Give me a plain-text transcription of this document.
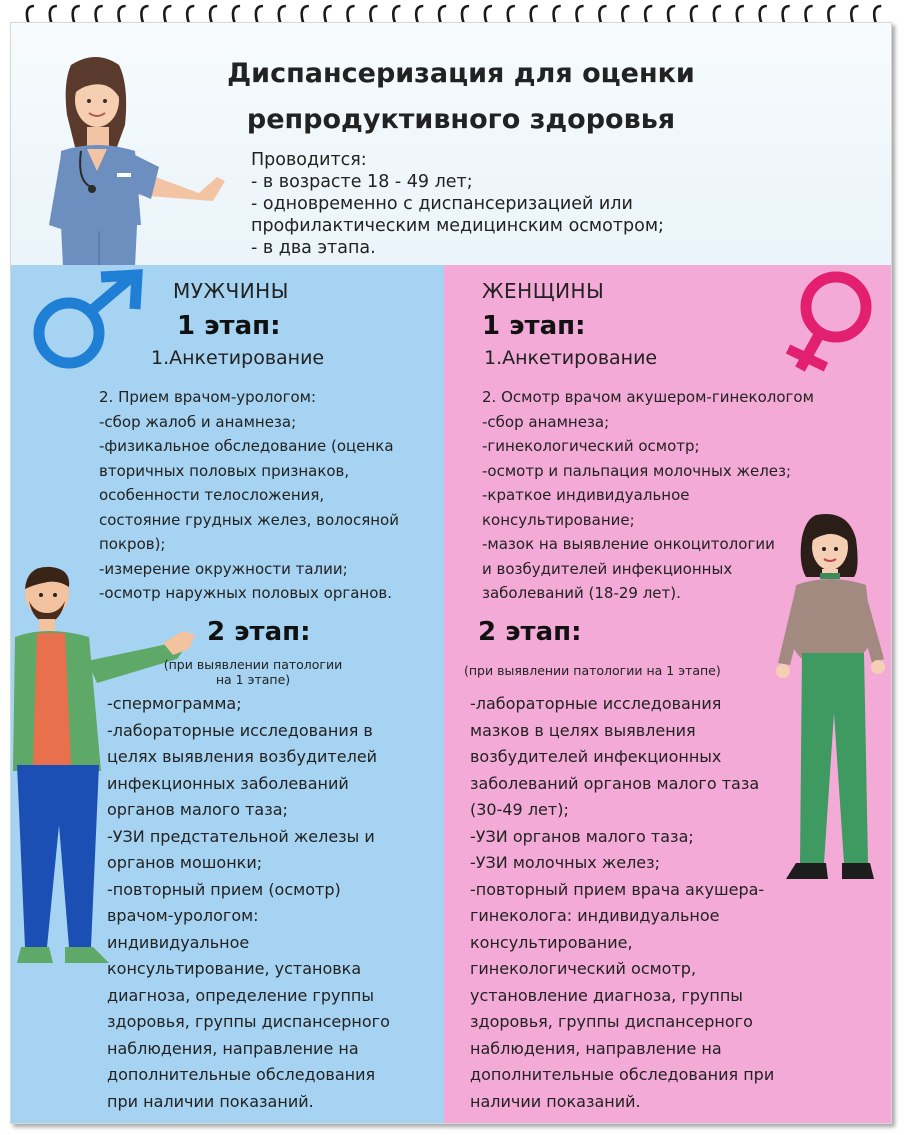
Диспансеризация для оценки
репродуктивного здоровья
Проводится:
- в возрасте 18 - 49 лет;
- одновременно с диспансеризацией или
профилактическим медицинским осмотром;
- в два этапа.
МУЖЧИНЫ
1 этап:
1.Анкетирование
2. Прием врачом-урологом:
-сбор жалоб и анамнеза;
-физикальное обследование (оценка
вторичных половых признаков,
особенности телосложения,
состояние грудных желез, волосяной
покров);
-измерение окружности талии;
-осмотр наружных половых органов.
2 этап:
(при выявлении патологии
на 1 этапе)
-спермограмма;
-лабораторные исследования в
целях выявления возбудителей
инфекционных заболеваний
органов малого таза;
-УЗИ предстательной железы и
органов мошонки;
-повторный прием (осмотр)
врачом-урологом:
индивидуальное
консультирование, установка
диагноза, определение группы
здоровья, группы диспансерного
наблюдения, направление на
дополнительные обследования
при наличии показаний.
ЖЕНЩИНЫ
1 этап:
1.Анкетирование
2. Осмотр врачом акушером-гинекологом
-сбор анамнеза;
-гинекологический осмотр;
-осмотр и пальпация молочных желез;
-краткое индивидуальное
консультирование;
-мазок на выявление онкоцитологии
и возбудителей инфекционных
заболеваний (18-29 лет).
2 этап:
(при выявлении патологии на 1 этапе)
-лабораторные исследования
мазков в целях выявления
возбудителей инфекционных
заболеваний органов малого таза
(30-49 лет);
-УЗИ органов малого таза;
-УЗИ молочных желез;
-повторный прием врача акушера-
гинеколога: индивидуальное
консультирование,
гинекологический осмотр,
установление диагноза, группы
здоровья, группы диспансерного
наблюдения, направление на
дополнительные обследования при
наличии показаний.
